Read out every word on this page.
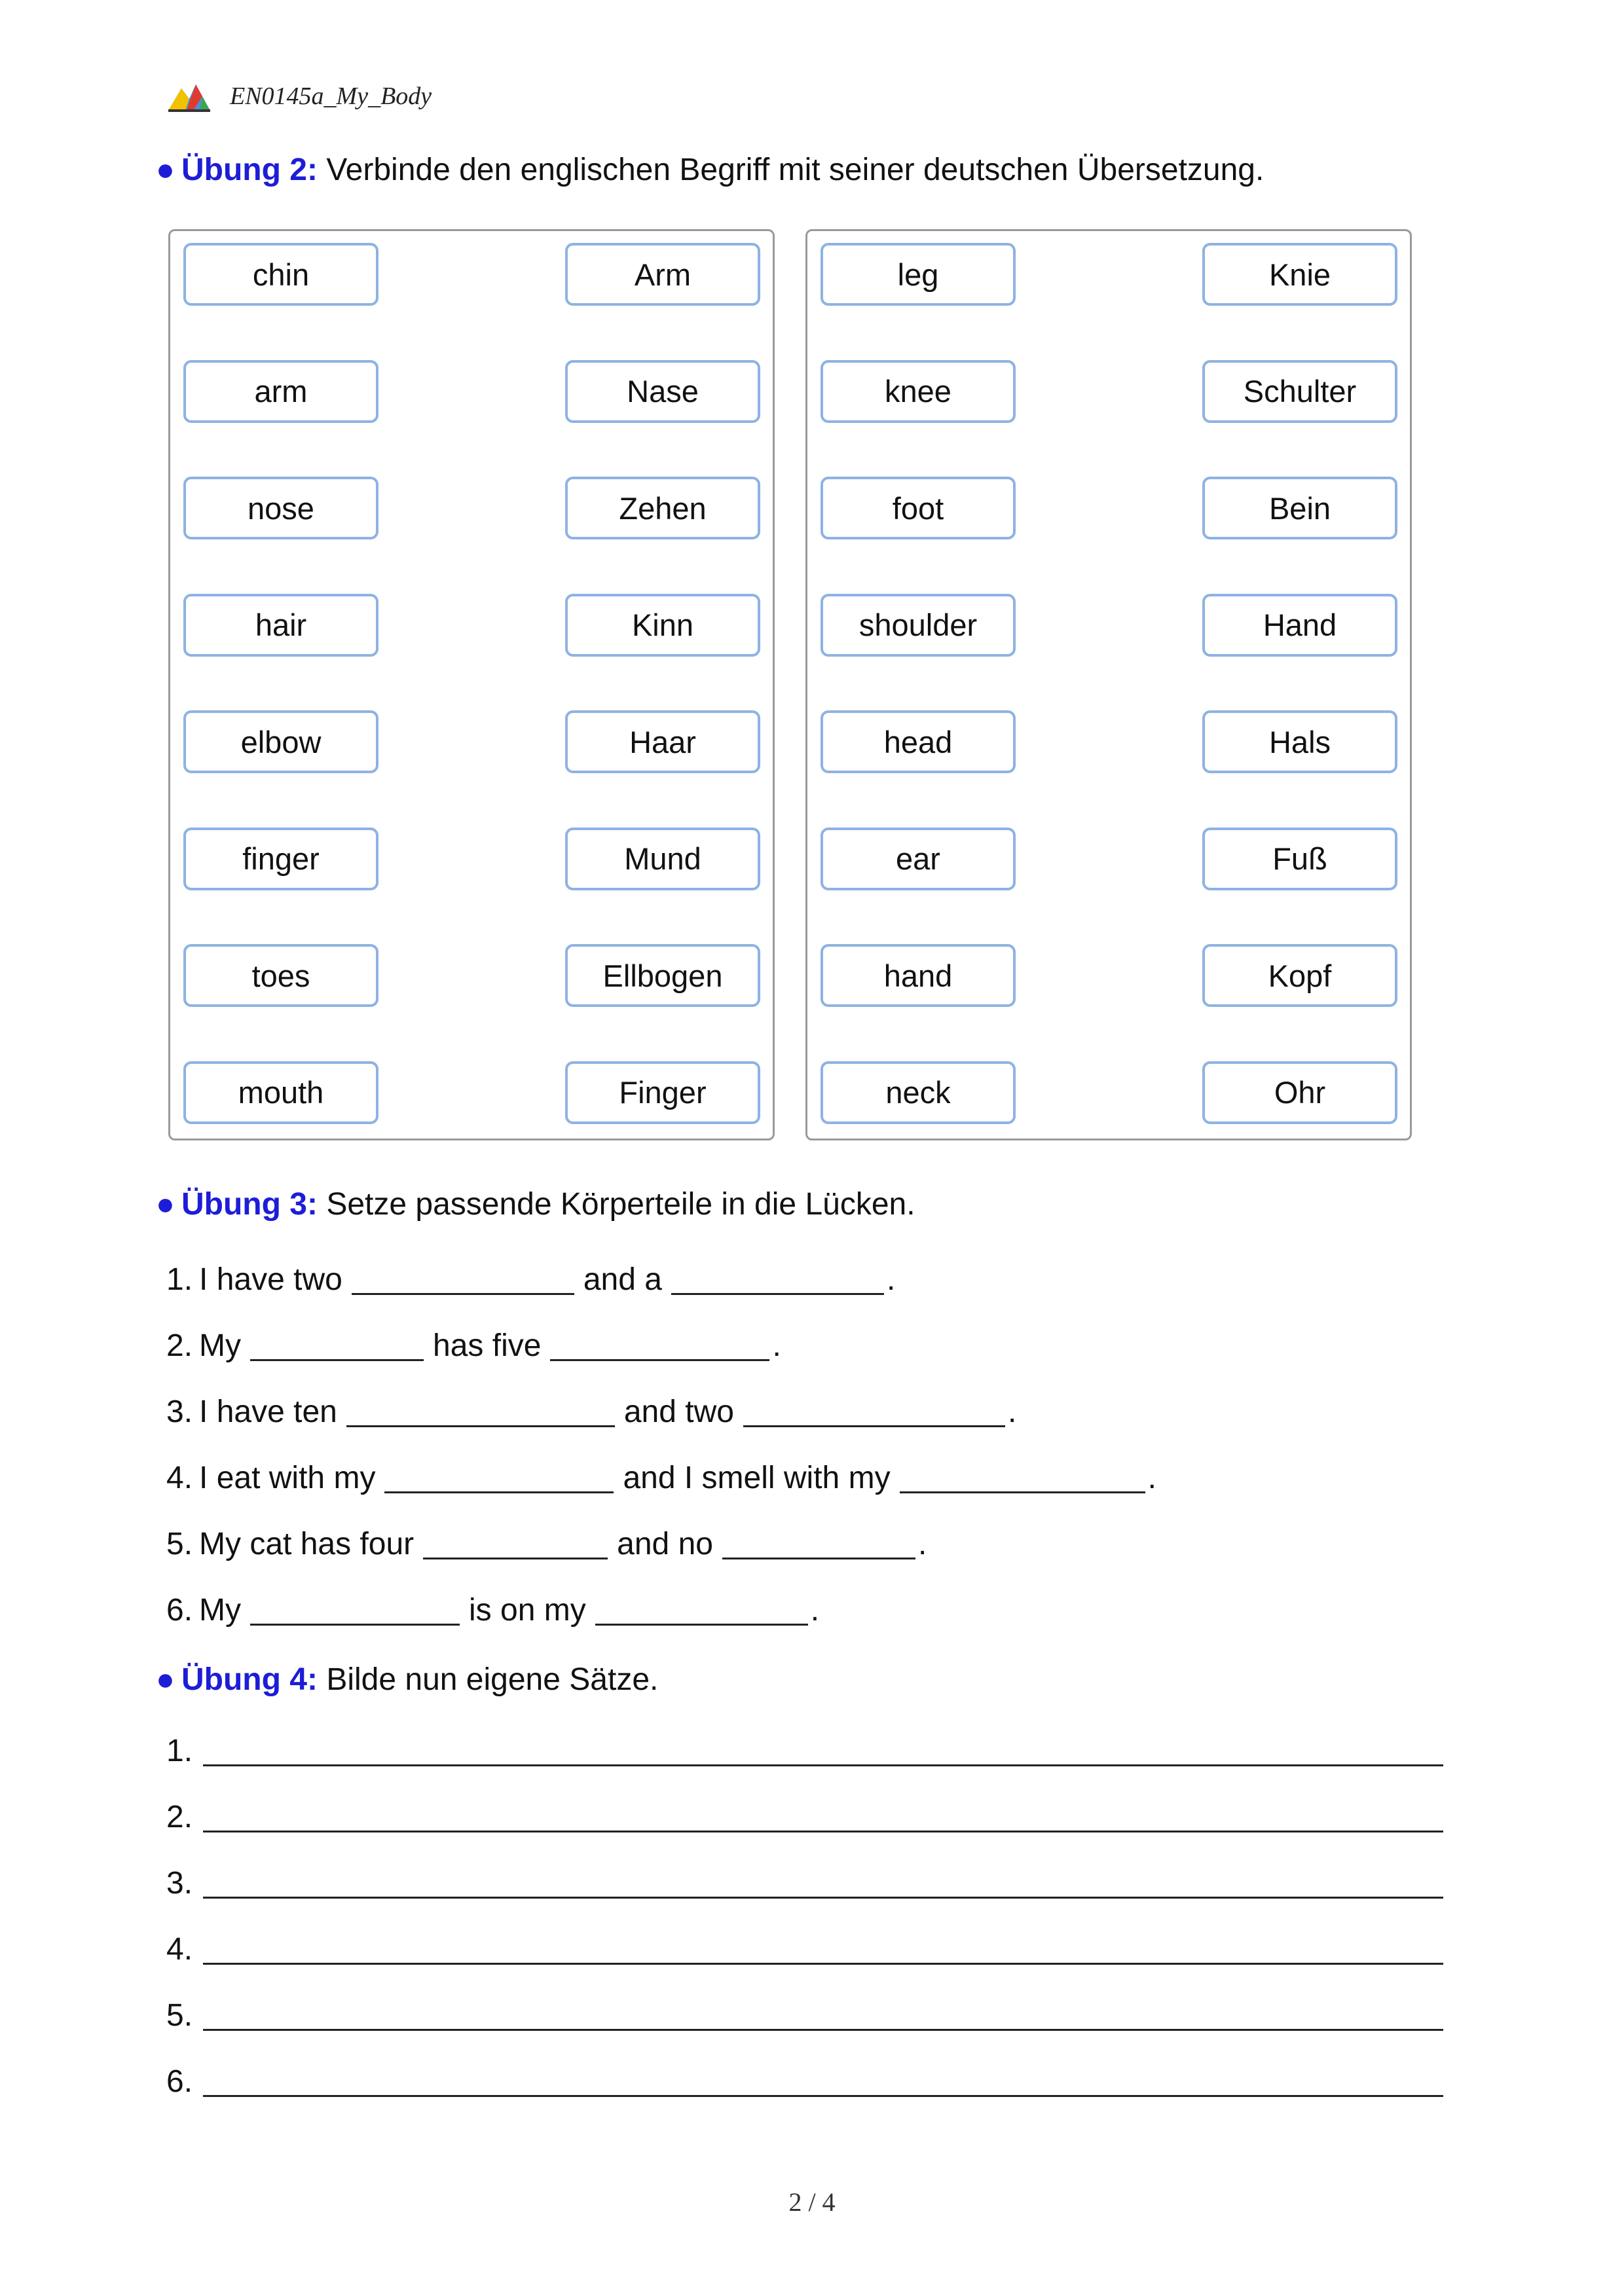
EN0145a_My_Body
● Übung 2: Verbinde den englischen Begriff mit seiner deutschen Übersetzung.
chin
arm
nose
hair
elbow
finger
toes
mouth
Arm
Nase
Zehen
Kinn
Haar
Mund
Ellbogen
Finger
leg
knee
foot
shoulder
head
ear
hand
neck
Knie
Schulter
Bein
Hand
Hals
Fuß
Kopf
Ohr
● Übung 3: Setze passende Körperteile in die Lücken.
1. I have two	and a	.
2. My	has five	.
3. I have ten	and two	.
4. I eat with my	and I smell with my	.
5. My cat has four	and no	.
6. My	is on my	.
● Übung 4: Bilde nun eigene Sätze.
1.
2.
3.
4.
5.
6.
2 / 4
